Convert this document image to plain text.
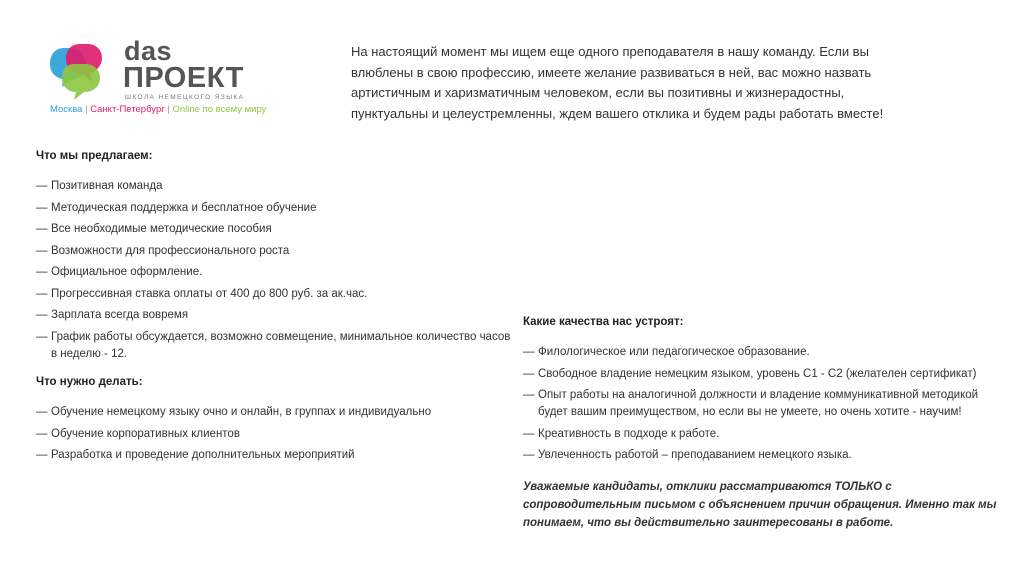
das
ПРОЕКТ
ШКОЛА НЕМЕЦКОГО ЯЗЫКА
Москва | Санкт-Петербург | Online по всему миру

На настоящий момент мы ищем еще одного преподавателя в нашу команду. Если вы влюблены в свою профессию, имеете желание развиваться в ней, вас можно назвать артистичным и харизматичным человеком, если вы позитивны и жизнерадостны, пунктуальны и целеустремленны, ждем вашего отклика и будем рады работать вместе!

Что мы предлагаем:
— Позитивная команда
— Методическая поддержка и бесплатное обучение
— Все необходимые методические пособия
— Возможности для профессионального роста
— Официальное оформление.
— Прогрессивная ставка оплаты от 400 до 800 руб. за ак.час.
— Зарплата всегда вовремя
— График работы обсуждается, возможно совмещение, минимальное количество часов в неделю - 12.
Что нужно делать:
— Обучение немецкому языку очно и онлайн, в группах и индивидуально
— Обучение корпоративных клиентов
— Разработка и проведение дополнительных мероприятий
Какие качества нас устроят:
— Филологическое или педагогическое образование.
— Свободное владение немецким языком, уровень С1 - С2 (желателен сертификат)
— Опыт работы на аналогичной должности и владение коммуникативной методикой будет вашим преимуществом, но если вы не умеете, но очень хотите - научим!
— Креативность в подходе к работе.
— Увлеченность работой – преподаванием немецкого языка.

Уважаемые кандидаты, отклики рассматриваются ТОЛЬКО с сопроводительным письмом с объяснением причин обращения. Именно так мы понимаем, что вы действительно заинтересованы в работе.
